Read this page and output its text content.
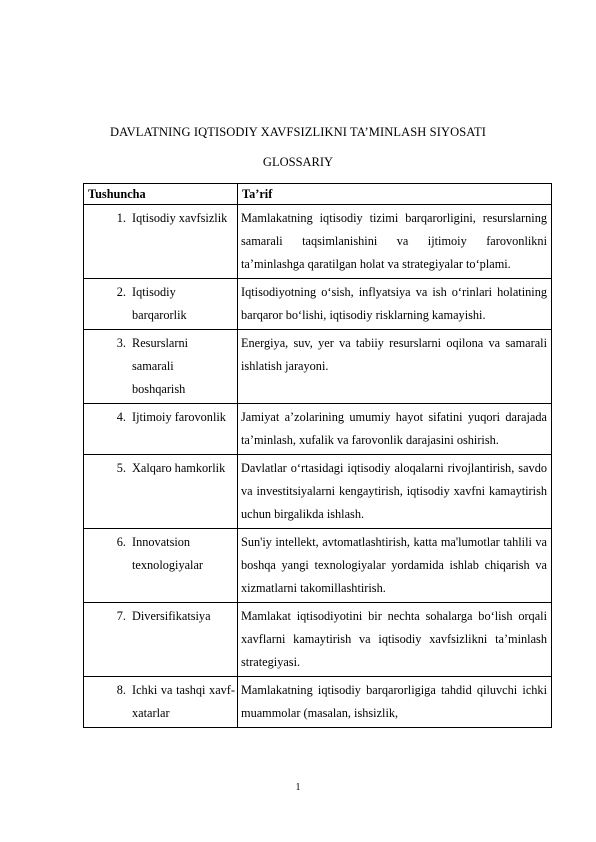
DAVLATNING IQTISODIY XAVFSIZLIKNI TA’MINLASH SIYOSATI
GLOSSARIY
Tushuncha	Ta’rif

1. Iqtisodiy xavfsizlik	Mamlakatning iqtisodiy tizimi barqarorligini, resurslarning samarali taqsimlanishini va ijtimoiy farovonlikni ta’minlashga qaratilgan holat va strategiyalar to‘plami.

2. Iqtisodiy barqarorlik	Iqtisodiyotning o‘sish, inflyatsiya va ish o‘rinlari holatining barqaror bo‘lishi, iqtisodiy risklarning kamayishi.

3. Resurslarni samarali boshqarish	Energiya, suv, yer va tabiiy resurslarni oqilona va samarali ishlatish jarayoni.

4. Ijtimoiy farovonlik	Jamiyat a’zolarining umumiy hayot sifatini yuqori darajada ta’minlash, xufalik va farovonlik darajasini oshirish.

5. Xalqaro hamkorlik	Davlatlar o‘rtasidagi iqtisodiy aloqalarni rivojlantirish, savdo va investitsiyalarni kengaytirish, iqtisodiy xavfni kamaytirish uchun birgalikda ishlash.

6. Innovatsion texnologiyalar	Sun'iy intellekt, avtomatlashtirish, katta ma'lumotlar tahlili va boshqa yangi texnologiyalar yordamida ishlab chiqarish va xizmatlarni takomillashtirish.

7. Diversifikatsiya	Mamlakat iqtisodiyotini bir nechta sohalarga bo‘lish orqali xavflarni kamaytirish va iqtisodiy xavfsizlikni ta’minlash strategiyasi.

8. Ichki va tashqi xavf-xatarlar	Mamlakatning iqtisodiy barqarorligiga tahdid qiluvchi ichki muammolar (masalan, ishsizlik,
1
